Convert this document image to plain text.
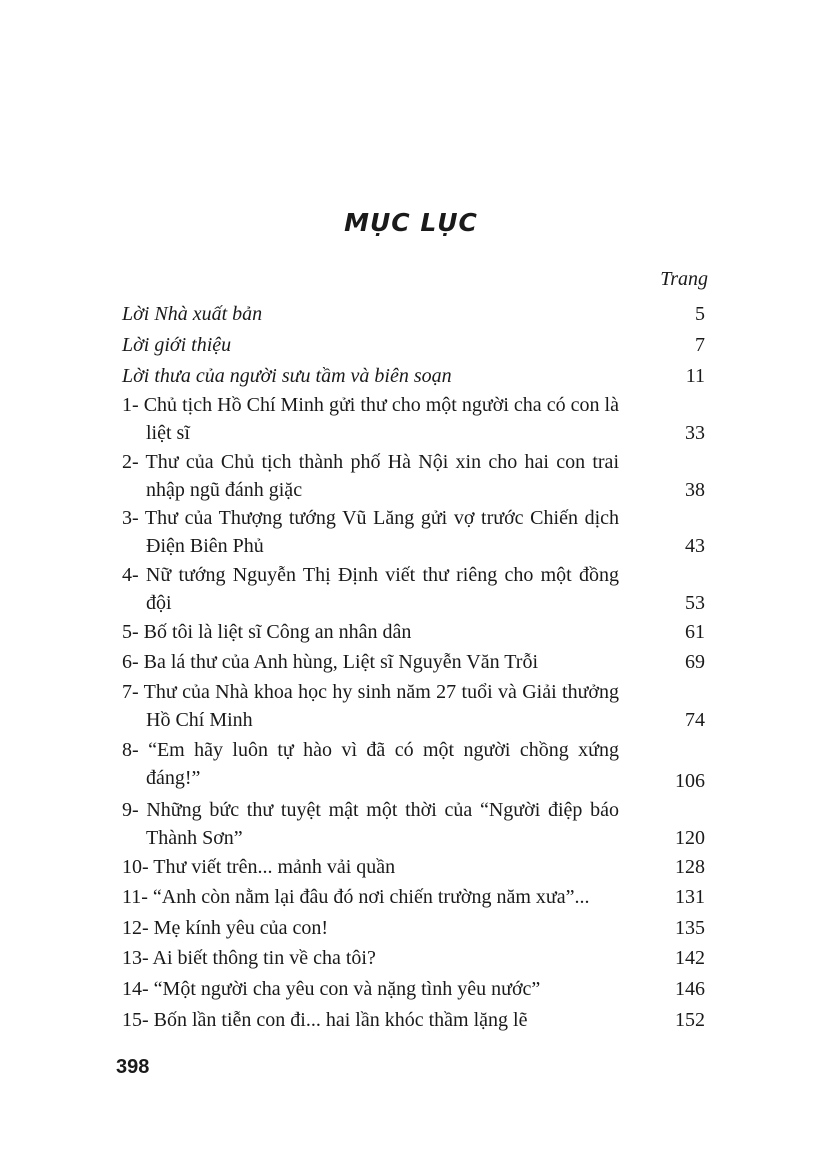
MỤC LỤC
Trang
Lời Nhà xuất bản	5
Lời giới thiệu	7
Lời thưa của người sưu tầm và biên soạn	11
1- Chủ tịch Hồ Chí Minh gửi thư cho một người cha có con là liệt sĩ	33
2- Thư của Chủ tịch thành phố Hà Nội xin cho hai con trai nhập ngũ đánh giặc	38
3- Thư của Thượng tướng Vũ Lăng gửi vợ trước Chiến dịch Điện Biên Phủ	43
4- Nữ tướng Nguyễn Thị Định viết thư riêng cho một đồng đội	53
5- Bố tôi là liệt sĩ Công an nhân dân	61
6- Ba lá thư của Anh hùng, Liệt sĩ Nguyễn Văn Trỗi	69
7- Thư của Nhà khoa học hy sinh năm 27 tuổi và Giải thưởng Hồ Chí Minh	74
8- “Em hãy luôn tự hào vì đã có một người chồng xứng đáng!”	106
9- Những bức thư tuyệt mật một thời của “Người điệp báo Thành Sơn”	120
10- Thư viết trên... mảnh vải quần	128
11- “Anh còn nằm lại đâu đó nơi chiến trường năm xưa”...	131
12- Mẹ kính yêu của con!	135
13- Ai biết thông tin về cha tôi?	142
14- “Một người cha yêu con và nặng tình yêu nước”	146
15- Bốn lần tiễn con đi... hai lần khóc thầm lặng lẽ	152
398
